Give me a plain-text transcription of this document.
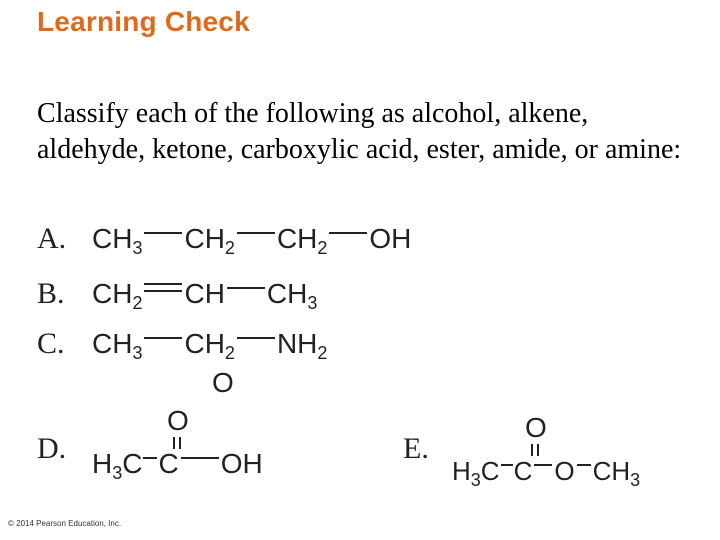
Learning Check
Classify each of the following as alcohol, alkene, aldehyde, ketone, carboxylic acid, ester, amide, or amine:
A. $CH_3$ $CH_2$ $CH_2$ OH
B. $CH_2$ CH $CH_3$
C. $CH_3$ $CH_2$ $NH_2$
O
D.
O
$H_3C$ C OH	E.
O
$H_3C$ C O $CH_3$
© 2014 Pearson Education, Inc.
